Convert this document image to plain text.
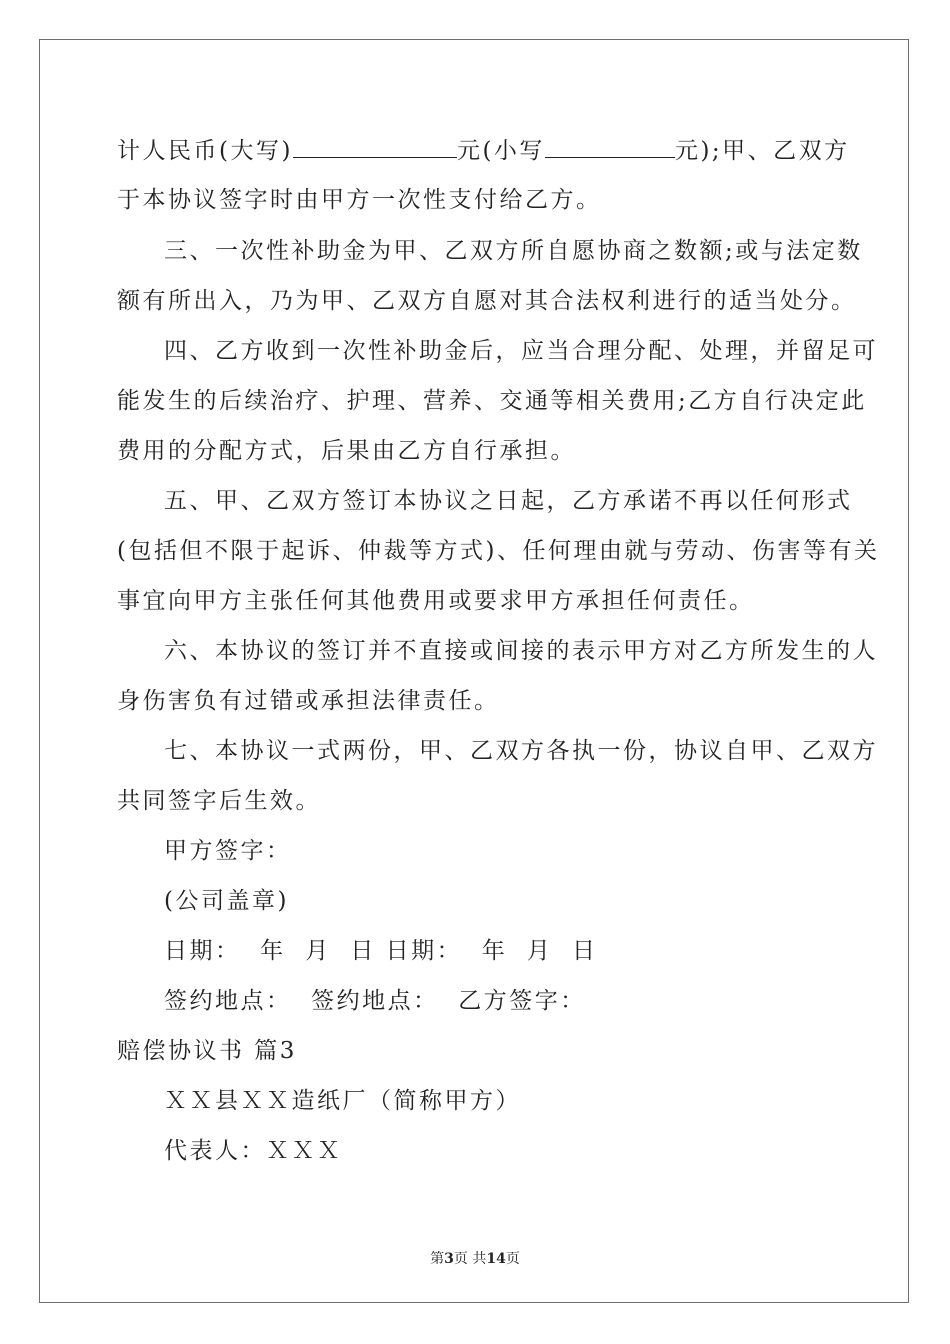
计人民币(大写)	元(小写	元);甲、乙双方
于本协议签字时由甲方一次性支付给乙方。
三、一次性补助金为甲、乙双方所自愿协商之数额;或与法定数
额有所出入，乃为甲、乙双方自愿对其合法权利进行的适当处分。
四、乙方收到一次性补助金后，应当合理分配、处理，并留足可
能发生的后续治疗、护理、营养、交通等相关费用;乙方自行决定此
费用的分配方式，后果由乙方自行承担。
五、甲、乙双方签订本协议之日起，乙方承诺不再以任何形式
(包括但不限于起诉、仲裁等方式)、任何理由就与劳动、伤害等有关
事宜向甲方主张任何其他费用或要求甲方承担任何责任。
六、本协议的签订并不直接或间接的表示甲方对乙方所发生的人
身伤害负有过错或承担法律责任。
七、本协议一式两份，甲、乙双方各执一份，协议自甲、乙双方
共同签字后生效。
甲方签字：
(公司盖章)
日期：  年  月  日 日期：  年  月  日
签约地点：  签约地点：  乙方签字：
赔偿协议书 篇3
ＸＸ县ＸＸ造纸厂（简称甲方）
代表人：ＸＸＸ
第3页 共14页
